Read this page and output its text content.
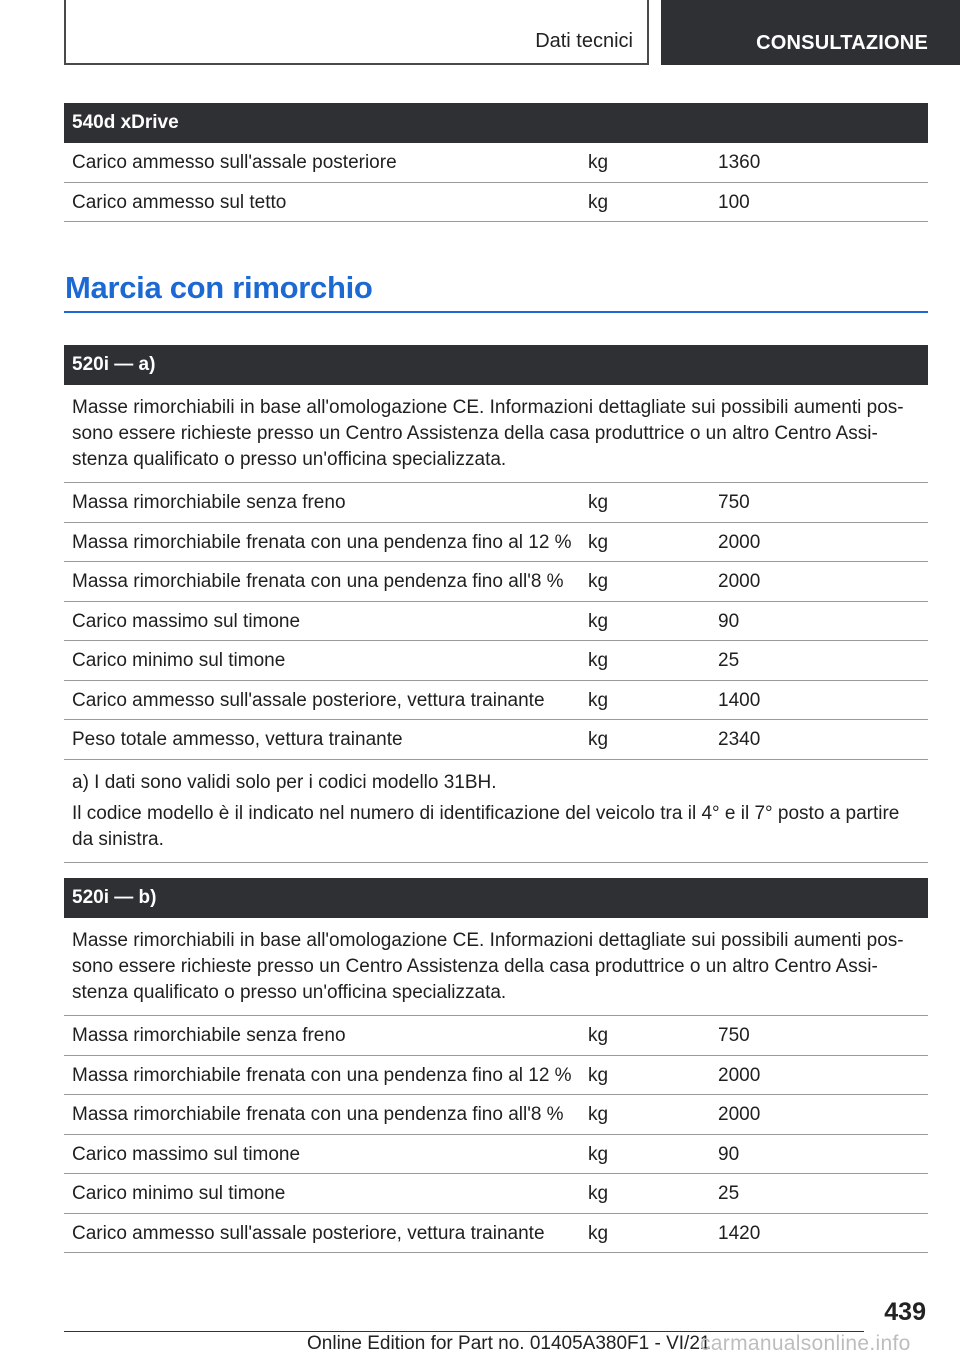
Dati tecnici	CONSULTAZIONE
540d xDrive
Carico ammesso sull'assale posteriore	kg	1360
Carico ammesso sul tetto	kg	100
Marcia con rimorchio
520i — a)

Masse rimorchiabili in base all'omologazione CE. Informazioni dettagliate sui possibili aumenti pos-sono essere richieste presso un Centro Assistenza della casa produttrice o un altro Centro Assi-stenza qualificato o presso un'officina specializzata.

Massa rimorchiabile senza freno	kg	750
Massa rimorchiabile frenata con una pendenza fino al 12 % kg	2000
Massa rimorchiabile frenata con una pendenza fino all'8 %	kg	2000
Carico massimo sul timone	kg	90
Carico minimo sul timone	kg	25
Carico ammesso sull'assale posteriore, vettura trainante	kg	1400
Peso totale ammesso, vettura trainante	kg	2340

a) I dati sono validi solo per i codici modello 31BH.

Il codice modello è il indicato nel numero di identificazione del veicolo tra il 4° e il 7° posto a partire da sinistra.

520i — b)

Masse rimorchiabili in base all'omologazione CE. Informazioni dettagliate sui possibili aumenti pos-sono essere richieste presso un Centro Assistenza della casa produttrice o un altro Centro Assi-stenza qualificato o presso un'officina specializzata.

Massa rimorchiabile senza freno	kg	750
Massa rimorchiabile frenata con una pendenza fino al 12 % kg	2000
Massa rimorchiabile frenata con una pendenza fino all'8 %	kg	2000
Carico massimo sul timone	kg	90
Carico minimo sul timone	kg	25
Carico ammesso sull'assale posteriore, vettura trainante	kg	1420
439
Online Edition for Part no. 01405A380F1 - VI/21
carmanualsonline.info
